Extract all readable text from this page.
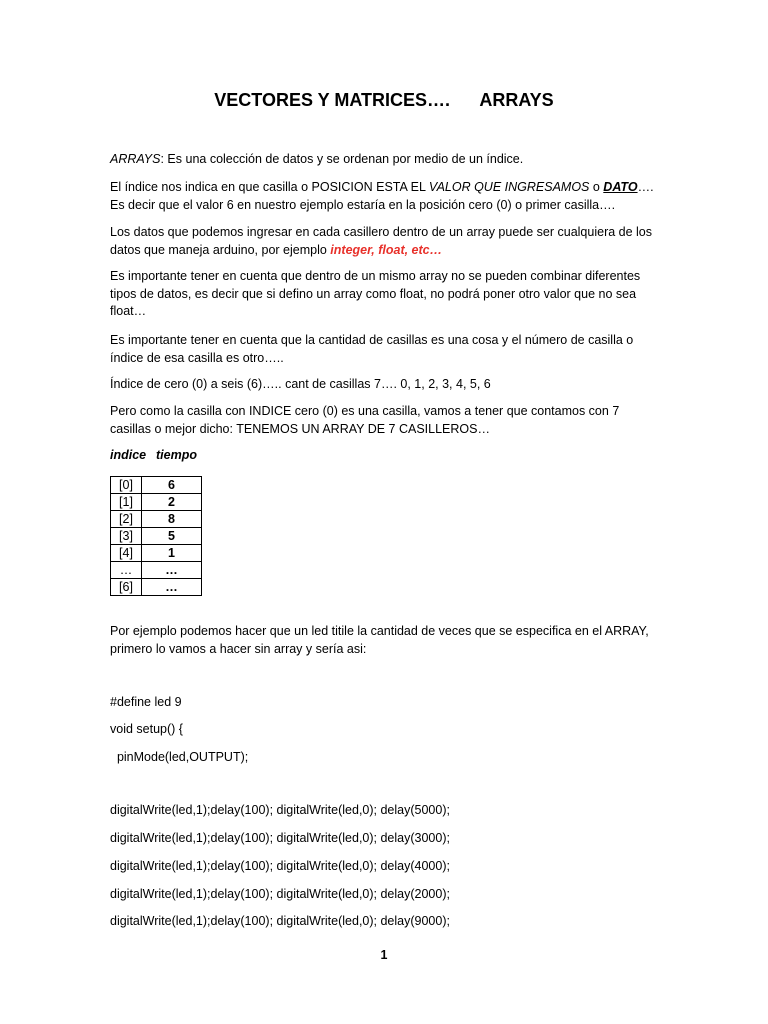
VECTORES Y MATRICES….      ARRAYS

ARRAYS: Es una colección de datos y se ordenan por medio de un índice.

El índice nos indica en que casilla o POSICION ESTA EL VALOR QUE INGRESAMOS o DATO…. Es decir que el valor 6 en nuestro ejemplo estaría en la posición cero (0) o primer casilla….

Los datos que podemos ingresar en cada casillero dentro de un array puede ser cualquiera de los datos que maneja arduino, por ejemplo integer, float, etc…

Es importante tener en cuenta que dentro de un mismo array no se pueden combinar diferentes tipos de datos, es decir que si defino un array como float, no podrá poner otro valor que no sea float…

Es importante tener en cuenta que la cantidad de casillas es una cosa y el número de casilla o índice de esa casilla es otro…..

Índice de cero (0) a seis (6)….. cant de casillas 7…. 0, 1, 2, 3, 4, 5, 6

Pero como la casilla con INDICE cero (0) es una casilla, vamos a tener que contamos con 7 casillas o mejor dicho: TENEMOS UN ARRAY DE 7 CASILLEROS…

indice tiempo
[0]	6
[1]	2
[2]	8
[3]	5
[4]	1
…	…
[6]	…

Por ejemplo podemos hacer que un led titile la cantidad de veces que se especifica en el ARRAY, primero lo vamos a hacer sin array y sería asi:

#define led 9
void setup() {
pinMode(led,OUTPUT);
digitalWrite(led,1);delay(100); digitalWrite(led,0); delay(5000);
digitalWrite(led,1);delay(100); digitalWrite(led,0); delay(3000);
digitalWrite(led,1);delay(100); digitalWrite(led,0); delay(4000);
digitalWrite(led,1);delay(100); digitalWrite(led,0); delay(2000);
digitalWrite(led,1);delay(100); digitalWrite(led,0); delay(9000);
1
